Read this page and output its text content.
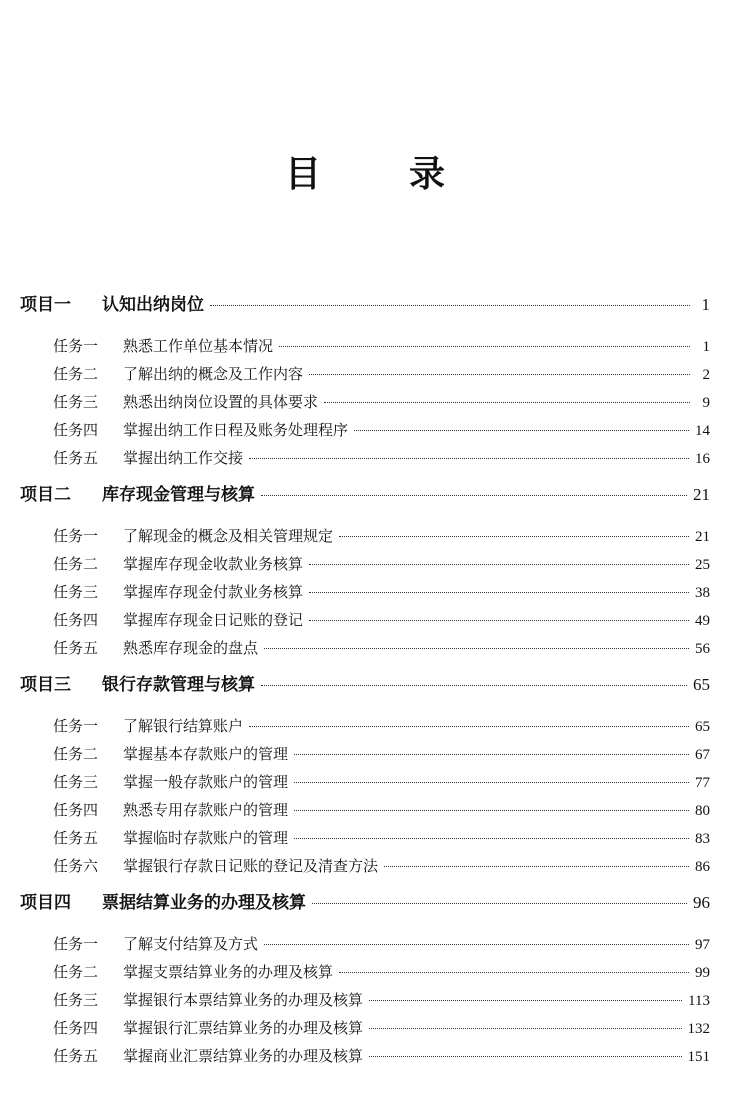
目 录
项目一	认知出纳岗位	1
任务一	熟悉工作单位基本情况	1
任务二	了解出纳的概念及工作内容	2
任务三	熟悉出纳岗位设置的具体要求	9
任务四	掌握出纳工作日程及账务处理程序	14
任务五	掌握出纳工作交接	16
项目二	库存现金管理与核算	21
任务一	了解现金的概念及相关管理规定	21
任务二	掌握库存现金收款业务核算	25
任务三	掌握库存现金付款业务核算	38
任务四	掌握库存现金日记账的登记	49
任务五	熟悉库存现金的盘点	56
项目三	银行存款管理与核算	65
任务一	了解银行结算账户	65
任务二	掌握基本存款账户的管理	67
任务三	掌握一般存款账户的管理	77
任务四	熟悉专用存款账户的管理	80
任务五	掌握临时存款账户的管理	83
任务六	掌握银行存款日记账的登记及清查方法	86
项目四	票据结算业务的办理及核算	96
任务一	了解支付结算及方式	97
任务二	掌握支票结算业务的办理及核算	99
任务三	掌握银行本票结算业务的办理及核算	113
任务四	掌握银行汇票结算业务的办理及核算	132
任务五	掌握商业汇票结算业务的办理及核算	151
